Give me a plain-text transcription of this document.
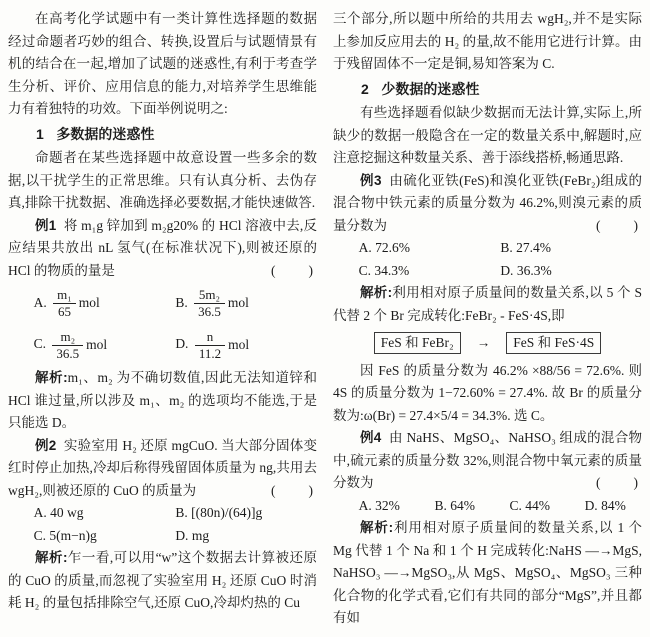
在高考化学试题中有一类计算性选择题的数据经过命题者巧妙的组合、转换,设置后与试题情景有机的结合在一起,增加了试题的迷惑性,有利于考查学生分析、评价、应用信息的能力,对培养学生思维能力有着独特的功效。下面举例说明之:

1 多数据的迷惑性

命题者在某些选择题中故意设置一些多余的数据,以干扰学生的正常思维。只有认真分析、去伪存真,排除干扰数据、准确选择必要数据,才能快速做答.

例1 将 m₁g 锌加到 m₂g20% 的 HCl 溶液中去,反应结果共放出 nL 氢气(在标准状况下),则被还原的 HCl 的物质的量是	(　　)

A. $\frac{\text{m₁}}{65}$ mol	B. $\frac{\text{5m₂}}{36.5}$ mol
C. $\frac{\text{m₂}}{36.5}$ mol	D. $\frac{n}{11.2}$ mol

解析:m₁、m₂ 为不确切数值,因此无法知道锌和 HCl 谁过量,所以涉及 m₁、m₂ 的选项均不能选,于是只能选 D。

例2 实验室用 H₂ 还原 mgCuO. 当大部分固体变红时停止加热,冷却后称得残留固体质量为 ng,共用去 wgH₂,则被还原的 CuO 的质量为	(　　)

A. 40 wg	B. [(80n)/(64)]g
C. 5(m−n)g	D. mg

解析:乍一看,可以用“w”这个数据去计算被还原的 CuO 的质量,而忽视了实验室用 H₂ 还原 CuO 时消耗 H₂ 的量包括排除空气,还原 CuO,冷却灼热的 Cu

三个部分,所以题中所给的共用去 wgH₂,并不是实际上参加反应用去的 H₂ 的量,故不能用它进行计算。由于残留固体不一定是铜,易知答案为 C.

2 少数据的迷惑性

有些选择题看似缺少数据而无法计算,实际上,所缺少的数据一般隐含在一定的数量关系中,解题时,应注意挖掘这种数量关系、善于添线搭桥,畅通思路.

例3 由硫化亚铁(FeS)和溴化亚铁(FeBr₂)组成的混合物中铁元素的质量分数为 46.2%,则溴元素的质量分数为	(　　)

A. 72.6%	B. 27.4%
C. 34.3%	D. 36.3%

解析:利用相对原子质量间的数量关系,以 5 个 S 代替 2 个 Br 完成转化:FeBr₂ - FeS·4S,即

FeS 和 FeBr₂	→	FeS 和 FeS·4S

因 FeS 的质量分数为 46.2% ×88/56 = 72.6%. 则 4S 的质量分数为 1−72.60% = 27.4%. 故 Br 的质量分数为:ω(Br) = 27.4×5/4 = 34.3%. 选 C。

例4 由 NaHS、MgSO₄、NaHSO₃ 组成的混合物中,硫元素的质量分数 32%,则混合物中氧元素的质量分数为	(　　)

A. 32%	B. 64%	C. 44%	D. 84%

解析:利用相对原子质量间的数量关系,以 1 个 Mg 代替 1 个 Na 和 1 个 H 完成转化:NaHS —→MgS, NaHSO₃ —→MgSO₃,从 MgS、MgSO₄、MgSO₃ 三种化合物的化学式看,它们有共同的部分“MgS”,并且都有如
